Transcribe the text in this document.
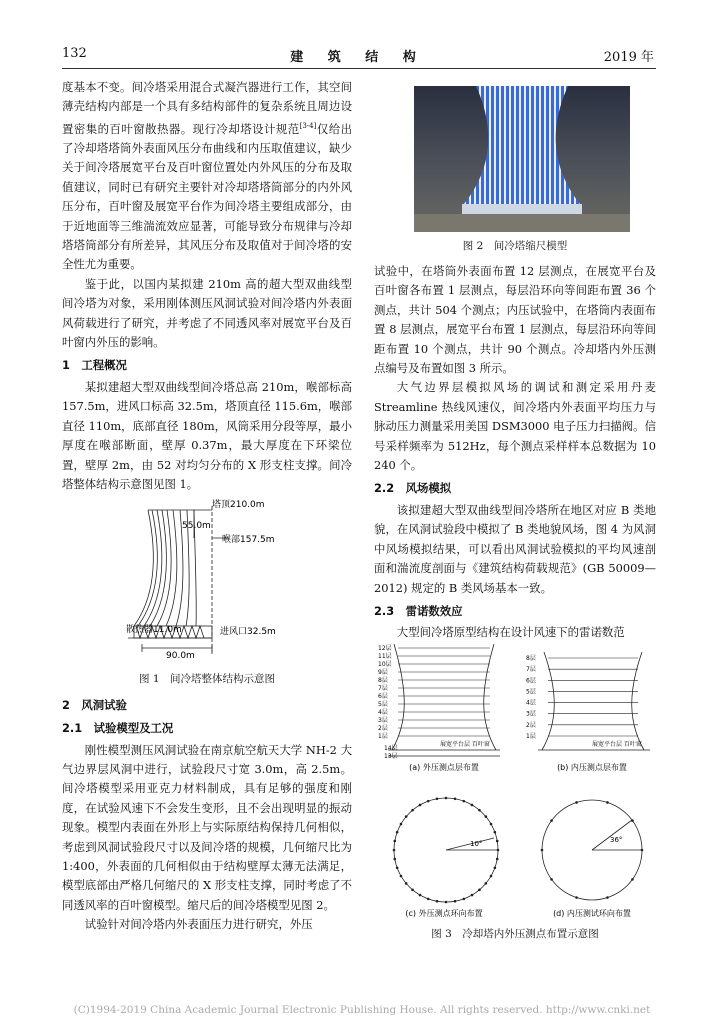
132	建 筑 结 构	2019 年

度基本不变。间冷塔采用混合式凝汽器进行工作，其空间薄壳结构内部是一个具有多结构部件的复杂系统且周边设置密集的百叶窗散热器。现行冷却塔设计规范[3-4]仅给出了冷却塔塔筒外表面风压分布曲线和内压取值建议，缺少关于间冷塔展宽平台及百叶窗位置处内外风压的分布及取值建议，同时已有研究主要针对冷却塔塔筒部分的内外风压分布，百叶窗及展宽平台作为间冷塔主要组成部分，由于近地面等三维湍流效应显著，可能导致分布规律与冷却塔塔筒部分有所差异，其风压分布及取值对于间冷塔的安全性尤为重要。

鉴于此，以国内某拟建 210m 高的超大型双曲线型间冷塔为对象，采用刚体测压风洞试验对间冷塔内外表面风荷载进行了研究，并考虑了不同透风率对展宽平台及百叶窗内外压的影响。

1　工程概况

某拟建超大型双曲线型间冷塔总高 210m，喉部标高 157.5m，进风口标高 32.5m，塔顶直径 115.6m，喉部直径 110m，底部直径 180m，风筒采用分段等厚，最小厚度在喉部断面，壁厚 0.37m，最大厚度在下环梁位置，壁厚 2m，由 52 对均匀分布的 X 形支柱支撑。间冷塔整体结构示意图见图 1。

塔顶210.0m
55.0m
喉部157.5m
散热器11.0m	进风口32.5m
90.0m
图 1　间冷塔整体结构示意图
2　风洞试验
2.1　试验模型及工况

刚性模型测压风洞试验在南京航空航天大学 NH-2 大气边界层风洞中进行，试验段尺寸宽 3.0m，高 2.5m。间冷塔模型采用亚克力材料制成，具有足够的强度和刚度，在试验风速下不会发生变形，且不会出现明显的振动现象。模型内表面在外形上与实际原结构保持几何相似，考虑到风洞试验段尺寸以及间冷塔的规模，几何缩尺比为 1:400，外表面的几何相似由于结构壁厚太薄无法满足，模型底部由严格几何缩尺的 X 形支柱支撑，同时考虑了不同透风率的百叶窗模型。缩尺后的间冷塔模型见图 2。

试验针对间冷塔内外表面压力进行研究，外压

图 2　间冷塔缩尺模型

试验中，在塔筒外表面布置 12 层测点，在展宽平台及百叶窗各布置 1 层测点，每层沿环向等间距布置 36 个测点，共计 504 个测点；内压试验中，在塔筒内表面布置 8 层测点，展宽平台布置 1 层测点，每层沿环向等间距布置 10 个测点，共计 90 个测点。冷却塔内外压测点编号及布置如图 3 所示。

大气边界层模拟风场的调试和测定采用丹麦 Streamline 热线风速仪，间冷塔内外表面平均压力与脉动压力测量采用美国 DSM3000 电子压力扫描阀。信号采样频率为 512Hz，每个测点采样样本总数据为 10 240 个。

2.2　风场模拟

该拟建超大型双曲线型间冷塔所在地区对应 B 类地貌，在风洞试验段中模拟了 B 类地貌风场，图 4 为风洞中风场模拟结果，可以看出风洞试验模拟的平均风速剖面和湍流度剖面与《建筑结构荷载规范》(GB 50009—2012) 规定的 B 类风场基本一致。

2.3　雷诺数效应

大型间冷塔原型结构在设计风速下的雷诺数范

12层
11层
10层
9层
8层
7层
6层
5层
4层
3层
2层
1层
8层
7层
6层
5层
4层
3层
2层
1层
14层
13层
展宽平台层 百叶窗	展宽平台层 百叶窗
(a) 外压测点层布置	(b) 内压测点层布置
10°	36°
(c) 外压测点环向布置	(d) 内压测试环向布置
图 3　冷却塔内外压测点布置示意图
(C)1994-2019 China Academic Journal Electronic Publishing House. All rights reserved. http://www.cnki.net
